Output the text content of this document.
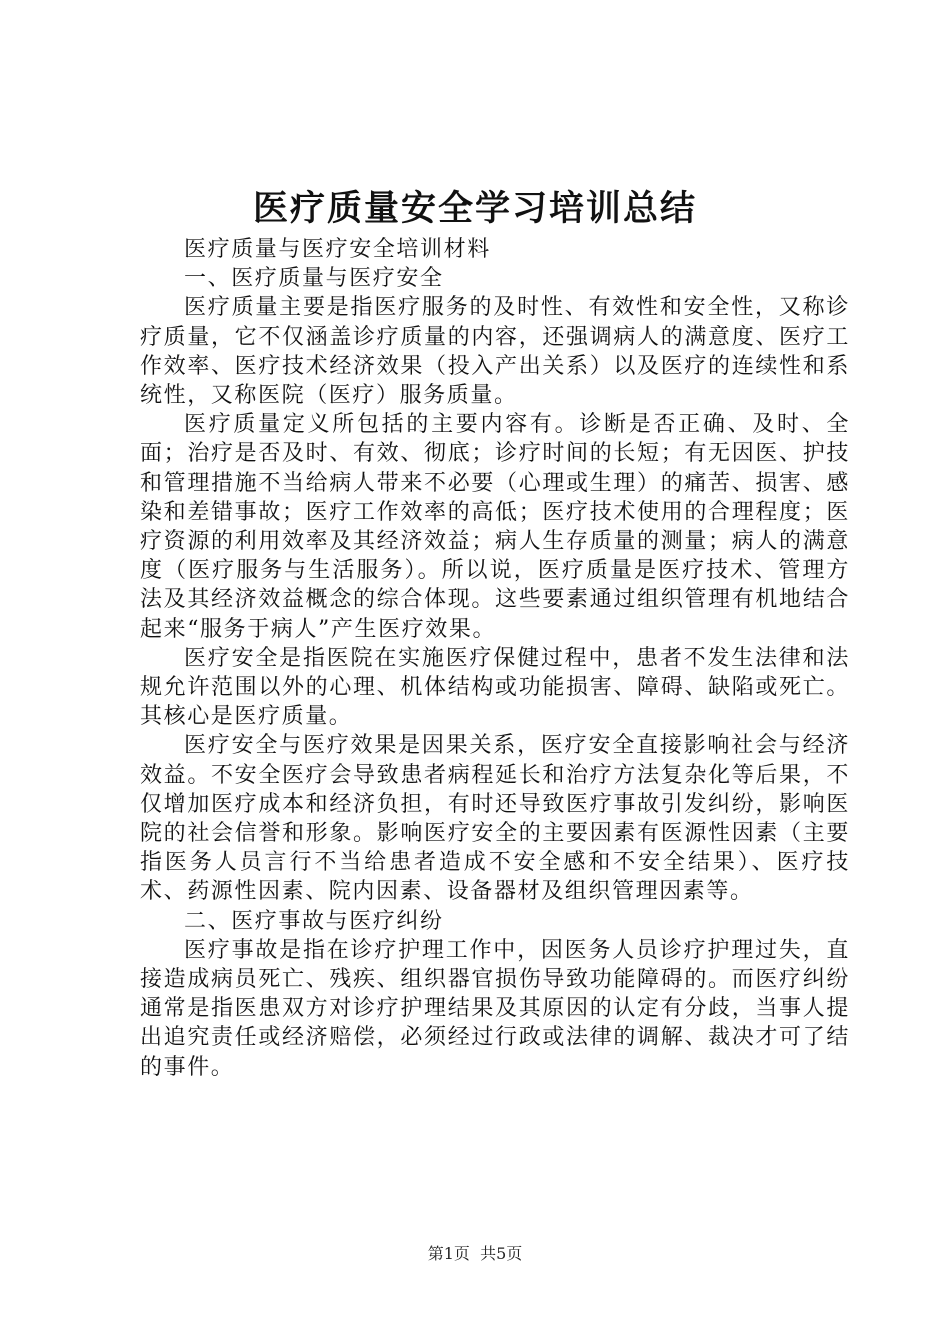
医疗质量安全学习培训总结

医疗质量与医疗安全培训材料

一、医疗质量与医疗安全

医疗质量主要是指医疗服务的及时性、有效性和安全性，又称诊疗质量，它不仅涵盖诊疗质量的内容，还强调病人的满意度、医疗工作效率、医疗技术经济效果（投入产出关系）以及医疗的连续性和系统性，又称医院（医疗）服务质量。

医疗质量定义所包括的主要内容有。诊断是否正确、及时、全面；治疗是否及时、有效、彻底；诊疗时间的长短；有无因医、护技和管理措施不当给病人带来不必要（心理或生理）的痛苦、损害、感染和差错事故；医疗工作效率的高低；医疗技术使用的合理程度；医疗资源的利用效率及其经济效益；病人生存质量的测量；病人的满意度（医疗服务与生活服务）。所以说，医疗质量是医疗技术、管理方法及其经济效益概念的综合体现。这些要素通过组织管理有机地结合起来“服务于病人”产生医疗效果。

医疗安全是指医院在实施医疗保健过程中，患者不发生法律和法规允许范围以外的心理、机体结构或功能损害、障碍、缺陷或死亡。其核心是医疗质量。

医疗安全与医疗效果是因果关系，医疗安全直接影响社会与经济效益。不安全医疗会导致患者病程延长和治疗方法复杂化等后果，不仅增加医疗成本和经济负担，有时还导致医疗事故引发纠纷，影响医院的社会信誉和形象。影响医疗安全的主要因素有医源性因素（主要指医务人员言行不当给患者造成不安全感和不安全结果）、医疗技术、药源性因素、院内因素、设备器材及组织管理因素等。

二、医疗事故与医疗纠纷

医疗事故是指在诊疗护理工作中，因医务人员诊疗护理过失，直接造成病员死亡、残疾、组织器官损伤导致功能障碍的。而医疗纠纷通常是指医患双方对诊疗护理结果及其原因的认定有分歧，当事人提出追究责任或经济赔偿，必须经过行政或法律的调解、裁决才可了结的事件。

第1页 共5页
